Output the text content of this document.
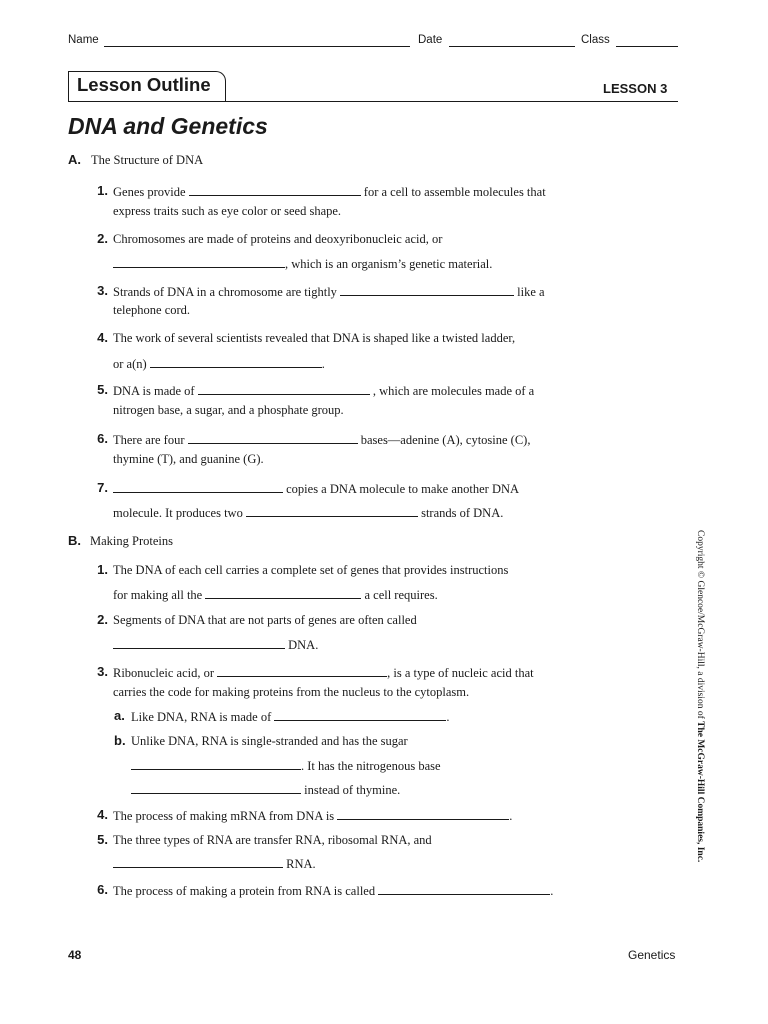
Name	Date	Class
Lesson Outline	LESSON 3
DNA and Genetics
A. The Structure of DNA
1. Genes provide	for a cell to assemble molecules that
express traits such as eye color or seed shape.
2. Chromosomes are made of proteins and deoxyribonucleic acid, or
, which is an organism’s genetic material.
3. Strands of DNA in a chromosome are tightly	like a
telephone cord.
4. The work of several scientists revealed that DNA is shaped like a twisted ladder,
or a(n)	.
5. DNA is made of	, which are molecules made of a
nitrogen base, a sugar, and a phosphate group.
6. There are four	bases—adenine (A), cytosine (C),
thymine (T), and guanine (G).
7.	copies a DNA molecule to make another DNA
molecule. It produces two	strands of DNA.
B. Making Proteins
1. The DNA of each cell carries a complete set of genes that provides instructions
for making all the	a cell requires.
2. Segments of DNA that are not parts of genes are often called
DNA.
3. Ribonucleic acid, or	, is a type of nucleic acid that
carries the code for making proteins from the nucleus to the cytoplasm.
a. Like DNA, RNA is made of	.
b. Unlike DNA, RNA is single-stranded and has the sugar
. It has the nitrogenous base
instead of thymine.
4. The process of making mRNA from DNA is	.
5. The three types of RNA are transfer RNA, ribosomal RNA, and
RNA.
6. The process of making a protein from RNA is called	.
Copyright © Glencoe/McGraw-Hill, a division of The McGraw-Hill Companies, Inc.
48	Genetics
